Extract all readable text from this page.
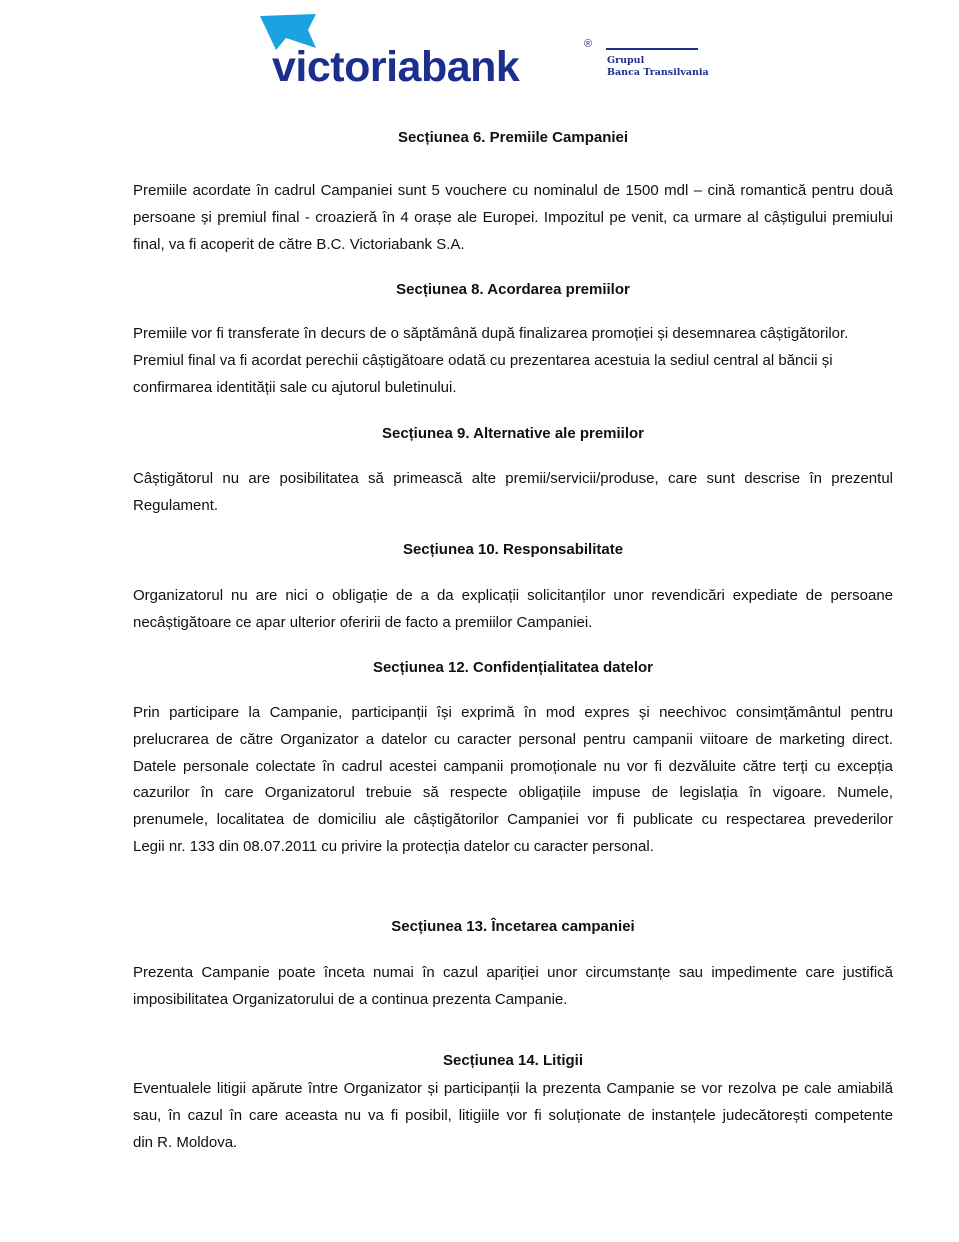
victoriabank	®
Grupul
Banca Transilvania
Secțiunea 6. Premiile Campaniei
Premiile acordate în cadrul Campaniei sunt 5 vouchere cu nominalul de 1500 mdl – cină romantică pentru două
persoane și premiul final - croazieră în 4 orașe ale Europei. Impozitul pe venit, ca urmare al câștigului premiului
final, va fi acoperit de către B.C. Victoriabank S.A.
Secțiunea 8. Acordarea premiilor
Premiile vor fi transferate în decurs de o săptămână după finalizarea promoției și desemnarea câștigătorilor.
Premiul final va fi acordat perechii câștigătoare odată cu prezentarea acestuia la sediul central al băncii și
confirmarea identității sale cu ajutorul buletinului.
Secțiunea 9. Alternative ale premiilor
Câștigătorul nu are posibilitatea să primească alte premii/servicii/produse, care sunt descrise în prezentul
Regulament.
Secțiunea 10. Responsabilitate
Organizatorul nu are nici o obligație de a da explicații solicitanților unor revendicări expediate de persoane
necâștigătoare ce apar ulterior oferirii de facto a premiilor Campaniei.
Secțiunea 12. Confidențialitatea datelor
Prin participare la Campanie, participanții își exprimă în mod expres și neechivoc consimțământul pentru
prelucrarea de către Organizator a datelor cu caracter personal pentru campanii viitoare de marketing direct.
Datele personale colectate în cadrul acestei campanii promoționale nu vor fi dezvăluite către terți cu excepția
cazurilor în care Organizatorul trebuie să respecte obligațiile impuse de legislația în vigoare. Numele,
prenumele, localitatea de domiciliu ale câștigătorilor Campaniei vor fi publicate cu respectarea prevederilor
Legii nr. 133 din 08.07.2011 cu privire la protecția datelor cu caracter personal.
Secțiunea 13. Încetarea campaniei
Prezenta Campanie poate înceta numai în cazul apariției unor circumstanțe sau impedimente care justifică
imposibilitatea Organizatorului de a continua prezenta Campanie.
Secțiunea 14. Litigii
Eventualele litigii apărute între Organizator și participanții la prezenta Campanie se vor rezolva pe cale amiabilă
sau, în cazul în care aceasta nu va fi posibil, litigiile vor fi soluționate de instanțele judecătorești competente
din R. Moldova.
